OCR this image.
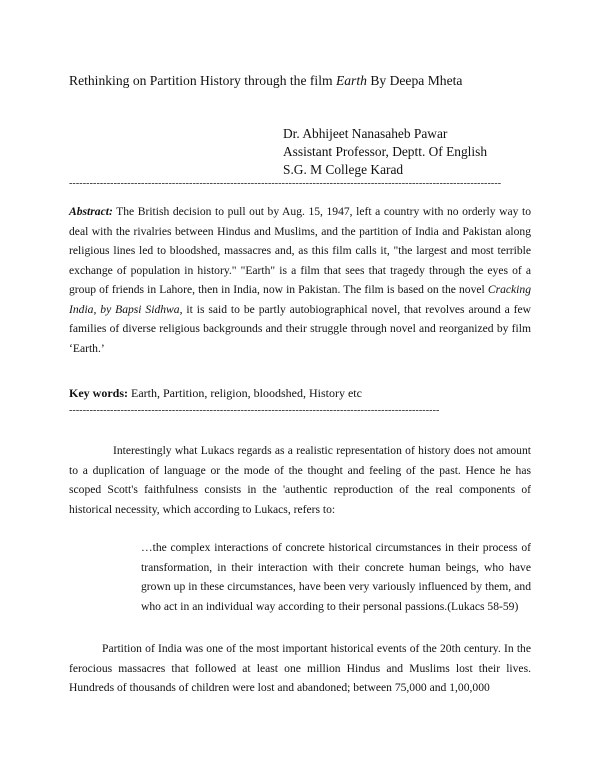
Rethinking on Partition History through the film Earth By Deepa Mheta
Dr. Abhijeet Nanasaheb Pawar
Assistant Professor, Deptt. Of English
S.G. M College Karad
------------------------------------------------------------------------------------------------------------------------------

Abstract: The British decision to pull out by Aug. 15, 1947, left a country with no orderly way to deal with the rivalries between Hindus and Muslims, and the partition of India and Pakistan along religious lines led to bloodshed, massacres and, as this film calls it, "the largest and most terrible exchange of population in history." "Earth" is a film that sees that tragedy through the eyes of a group of friends in Lahore, then in India, now in Pakistan. The film is based on the novel Cracking India, by Bapsi Sidhwa, it is said to be partly autobiographical novel, that revolves around a few families of diverse religious backgrounds and their struggle through novel and reorganized by film ‘Earth.’

Key words: Earth, Partition, religion, bloodshed, History etc

------------------------------------------------------------------------------------------------------------

Interestingly what Lukacs regards as a realistic representation of history does not amount to a duplication of language or the mode of the thought and feeling of the past. Hence he has scoped Scott's faithfulness consists in the 'authentic reproduction of the real components of historical necessity, which according to Lukacs, refers to:

…the complex interactions of concrete historical circumstances in their process of transformation, in their interaction with their concrete human beings, who have grown up in these circumstances, have been very variously influenced by them, and who act in an individual way according to their personal passions.(Lukacs 58-59)

Partition of India was one of the most important historical events of the 20th century. In the ferocious massacres that followed at least one million Hindus and Muslims lost their lives. Hundreds of thousands of children were lost and abandoned; between 75,000 and 1,00,000
